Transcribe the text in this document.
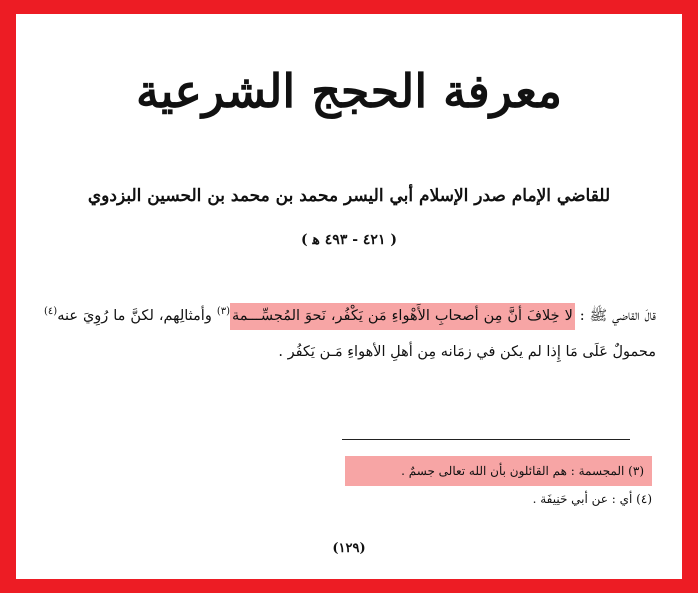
معرفة الحجج الشرعية
للقاضي الإمام صدر الإسلام أبي اليسر محمد بن محمد بن الحسين البزدوي
( ٤٢١ - ٤٩٣ ﻫ )
قالَ القاضي ﷺ : لا خِلافَ أنَّ مِن أصحابِ الأَهْواءِ مَن يَكْفُر، نَحوَ المُجسِّـــمة$^{(٣)}$ وأمثالِهم، لكنَّ ما رُوِيَ عنه$^{(٤)}$ محمولٌ عَلَى مَا إِذا لم يكن في زمَانه مِن أهلِ الأهواءِ مَـن يَكفُر .
(٣) المجسمة : هم القائلون بأن الله تعالى جسمٌ .
(٤) أي : عن أبي حَنِيفَة .
(١٢٩)
